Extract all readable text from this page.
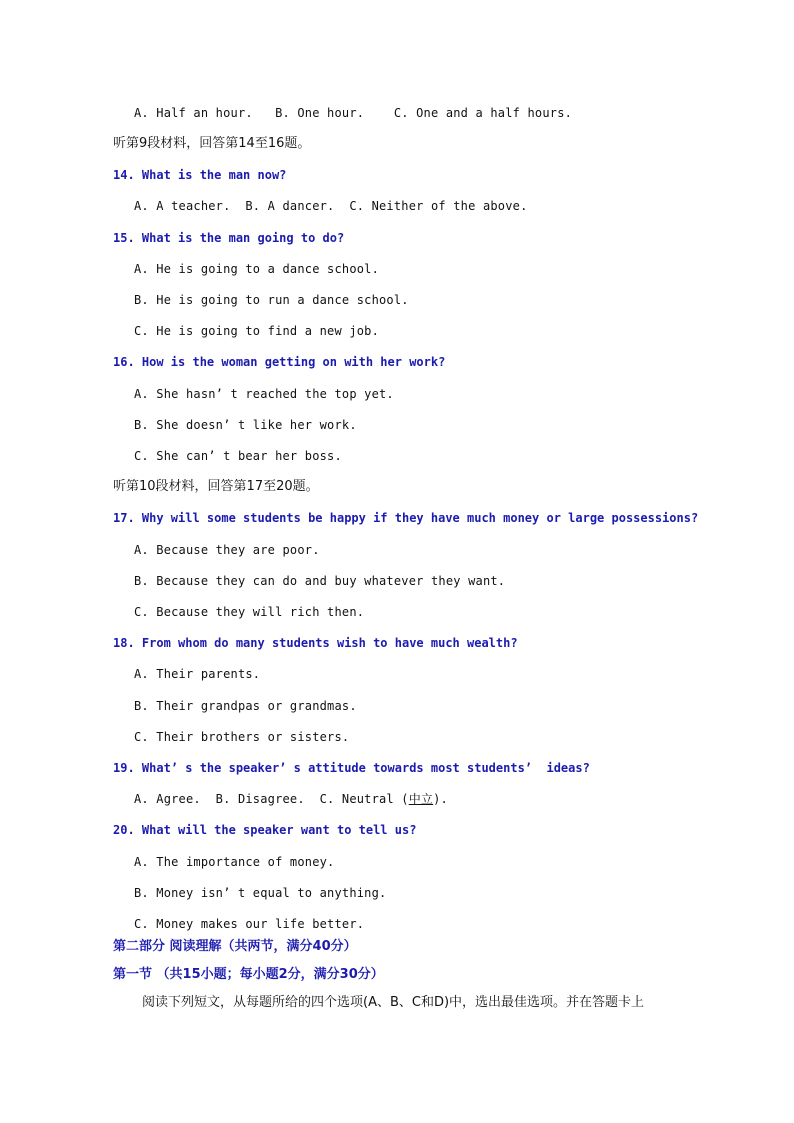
A. Half an hour.   B. One hour.    C. One and a half hours.
听第9段材料，回答第14至16题。
14. What is the man now?
A. A teacher.  B. A dancer.  C. Neither of the above.
15. What is the man going to do?
A. He is going to a dance school.
B. He is going to run a dance school.
C. He is going to find a new job.
16. How is the woman getting on with her work?
A. She hasn’ t reached the top yet.
B. She doesn’ t like her work.
C. She can’ t bear her boss.
听第10段材料，回答第17至20题。
17. Why will some students be happy if they have much money or large possessions?
A. Because they are poor.
B. Because they can do and buy whatever they want.
C. Because they will rich then.
18. From whom do many students wish to have much wealth?
A. Their parents.
B. Their grandpas or grandmas.
C. Their brothers or sisters.
19. What’ s the speaker’ s attitude towards most students’  ideas?
A. Agree.  B. Disagree.  C. Neutral (中立).
20. What will the speaker want to tell us?
A. The importance of money.
B. Money isn’ t equal to anything.
C. Money makes our life better.
第二部分 阅读理解（共两节，满分40分）
第一节 （共15小题；每小题2分，满分30分）
阅读下列短文，从每题所给的四个选项(A、B、C和D)中，选出最佳选项。并在答题卡上
